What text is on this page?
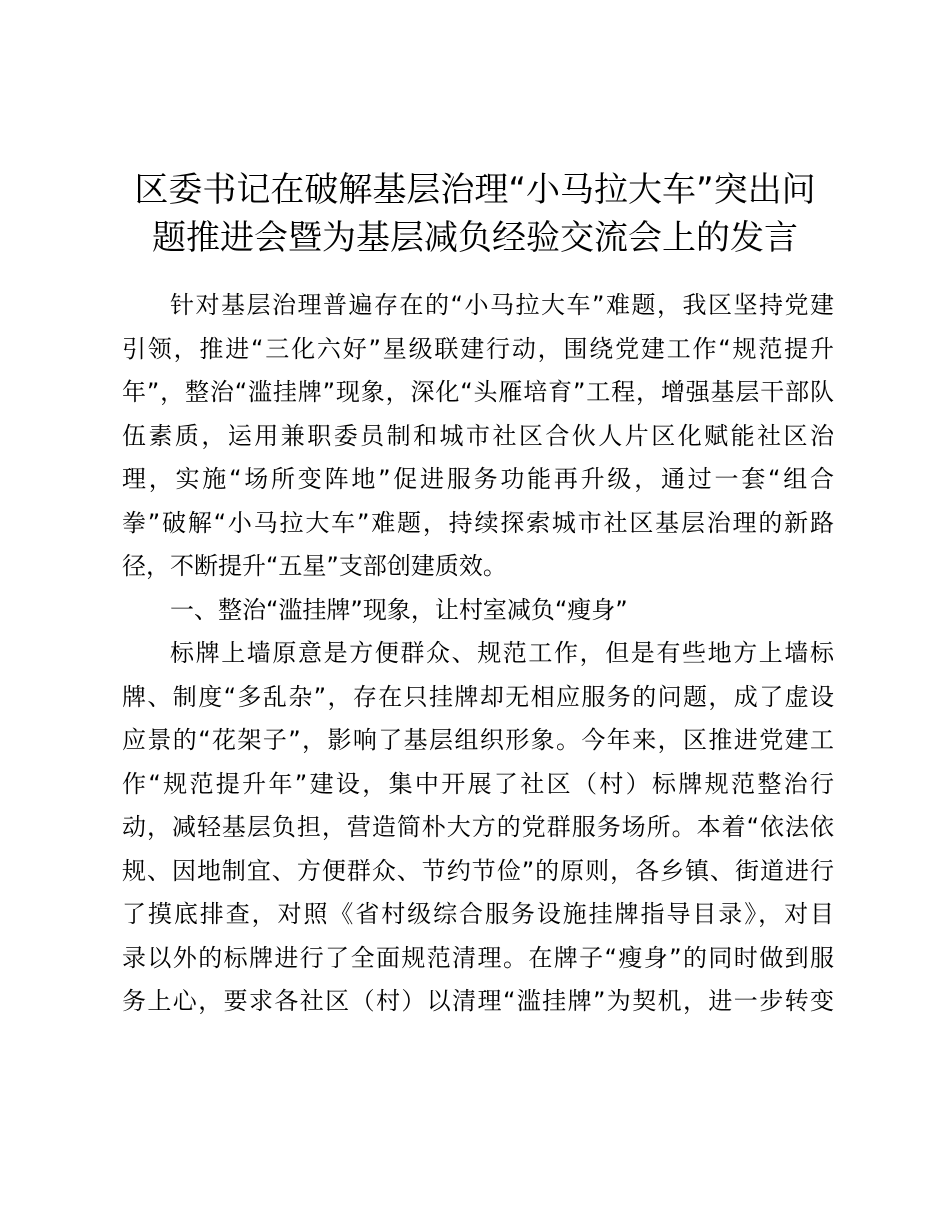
区委书记在破解基层治理“小马拉大车”突出问
题推进会暨为基层减负经验交流会上的发言
针对基层治理普遍存在的“小马拉大车”难题，我区坚持党建
引领，推进“三化六好”星级联建行动，围绕党建工作“规范提升
年”，整治“滥挂牌”现象，深化“头雁培育”工程，增强基层干部队
伍素质，运用兼职委员制和城市社区合伙人片区化赋能社区治
理，实施“场所变阵地”促进服务功能再升级，通过一套“组合
拳”破解“小马拉大车”难题，持续探索城市社区基层治理的新路
径，不断提升“五星”支部创建质效。
一、整治“滥挂牌”现象，让村室减负“瘦身”
标牌上墙原意是方便群众、规范工作，但是有些地方上墙标
牌、制度“多乱杂”，存在只挂牌却无相应服务的问题，成了虚设
应景的“花架子”，影响了基层组织形象。今年来，区推进党建工
作“规范提升年”建设，集中开展了社区（村）标牌规范整治行
动，减轻基层负担，营造简朴大方的党群服务场所。本着“依法依
规、因地制宜、方便群众、节约节俭”的原则，各乡镇、街道进行
了摸底排查，对照《省村级综合服务设施挂牌指导目录》，对目
录以外的标牌进行了全面规范清理。在牌子“瘦身”的同时做到服
务上心，要求各社区（村）以清理“滥挂牌”为契机，进一步转变
